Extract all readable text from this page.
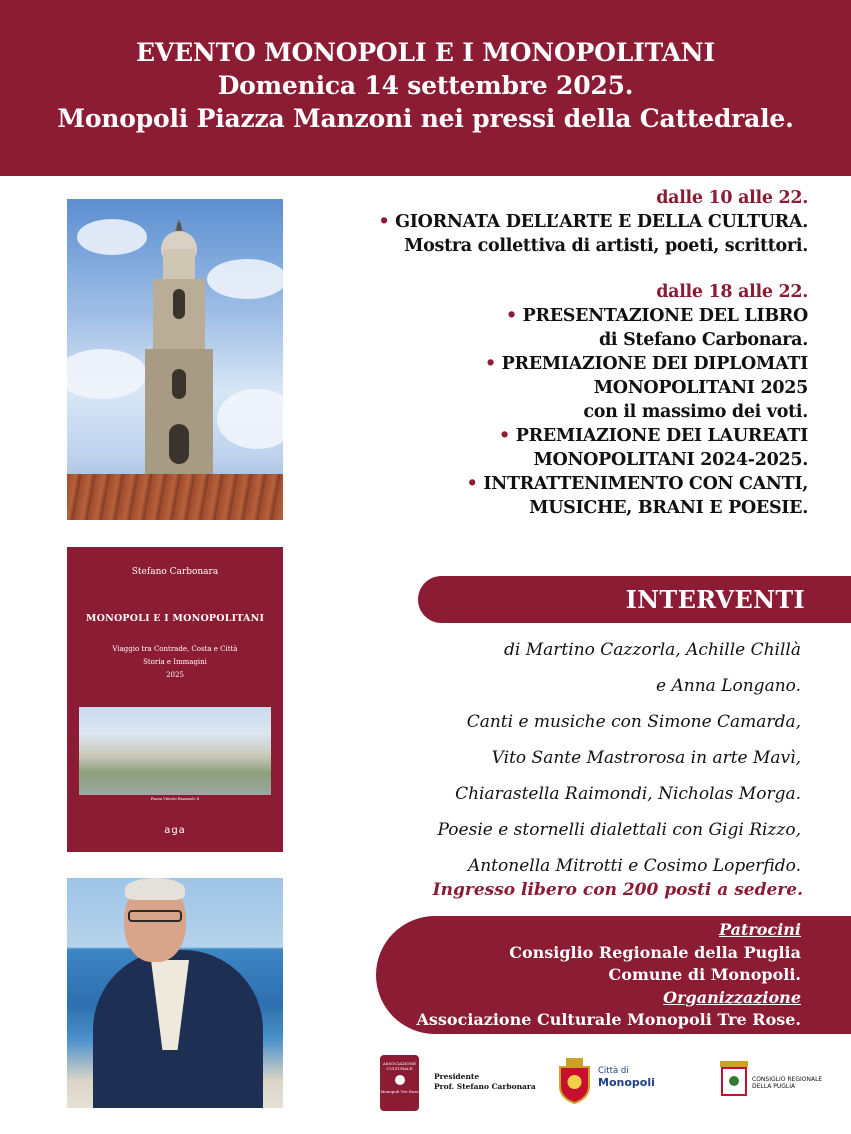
EVENTO MONOPOLI E I MONOPOLITANI
Domenica 14 settembre 2025.
Monopoli Piazza Manzoni nei pressi della Cattedrale.
Stefano Carbonara
MONOPOLI E I MONOPOLITANI
Viaggio tra Contrade, Costa e Città
Storia e Immagini
2025
Piazza Vittorio Emanuele II
aga
dalle 10 alle 22.
• GIORNATA DELL’ARTE E DELLA CULTURA.
Mostra collettiva di artisti, poeti, scrittori.
dalle 18 alle 22.
• PRESENTAZIONE DEL LIBRO
di Stefano Carbonara.
• PREMIAZIONE DEI DIPLOMATI
MONOPOLITANI 2025
con il massimo dei voti.
• PREMIAZIONE DEI LAUREATI
MONOPOLITANI 2024-2025.
• INTRATTENIMENTO CON CANTI,
MUSICHE, BRANI E POESIE.
INTERVENTI
di Martino Cazzorla, Achille Chillà
e Anna Longano.
Canti e musiche con Simone Camarda,
Vito Sante Mastrorosa in arte Mavì,
Chiarastella Raimondi, Nicholas Morga.
Poesie e stornelli dialettali con Gigi Rizzo,
Antonella Mitrotti e Cosimo Loperfido.
Ingresso libero con 200 posti a sedere.
Patrocini
Consiglio Regionale della Puglia
Comune di Monopoli.
Organizzazione
Associazione Culturale Monopoli Tre Rose.
ASSOCIAZIONE CULTURALE
Monopoli Tre Rose
Presidente
Prof. Stefano Carbonara
Città di
Monopoli	CONSIGLIO REGIONALE
DELLA PUGLIA
